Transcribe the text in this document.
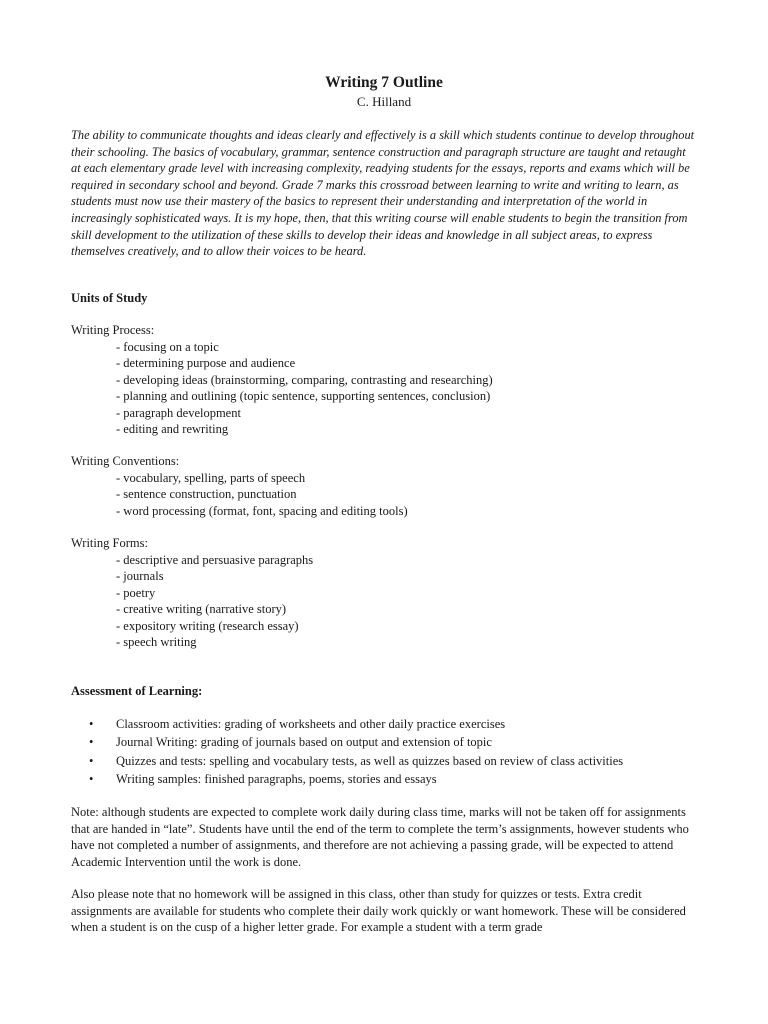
Writing 7 Outline

C. Hilland

The ability to communicate thoughts and ideas clearly and effectively is a skill which students continue to develop throughout their schooling. The basics of vocabulary, grammar, sentence construction and paragraph structure are taught and retaught at each elementary grade level with increasing complexity, readying students for the essays, reports and exams which will be required in secondary school and beyond. Grade 7 marks this crossroad between learning to write and writing to learn, as students must now use their mastery of the basics to represent their understanding and interpretation of the world in increasingly sophisticated ways. It is my hope, then, that this writing course will enable students to begin the transition from skill development to the utilization of these skills to develop their ideas and knowledge in all subject areas, to express themselves creatively, and to allow their voices to be heard.

Units of Study

Writing Process:

- focusing on a topic
- determining purpose and audience
- developing ideas (brainstorming, comparing, contrasting and researching)
- planning and outlining (topic sentence, supporting sentences, conclusion)
- paragraph development
- editing and rewriting

Writing Conventions:

- vocabulary, spelling, parts of speech
- sentence construction, punctuation
- word processing (format, font, spacing and editing tools)

Writing Forms:

- descriptive and persuasive paragraphs
- journals
- poetry
- creative writing (narrative story)
- expository writing (research essay)
- speech writing

Assessment of Learning:

• Classroom activities: grading of worksheets and other daily practice exercises
• Journal Writing: grading of journals based on output and extension of topic
• Quizzes and tests: spelling and vocabulary tests, as well as quizzes based on review of class activities
• Writing samples: finished paragraphs, poems, stories and essays

Note: although students are expected to complete work daily during class time, marks will not be taken off for assignments that are handed in “late”. Students have until the end of the term to complete the term’s assignments, however students who have not completed a number of assignments, and therefore are not achieving a passing grade, will be expected to attend Academic Intervention until the work is done.

Also please note that no homework will be assigned in this class, other than study for quizzes or tests. Extra credit assignments are available for students who complete their daily work quickly or want homework. These will be considered when a student is on the cusp of a higher letter grade. For example a student with a term grade
